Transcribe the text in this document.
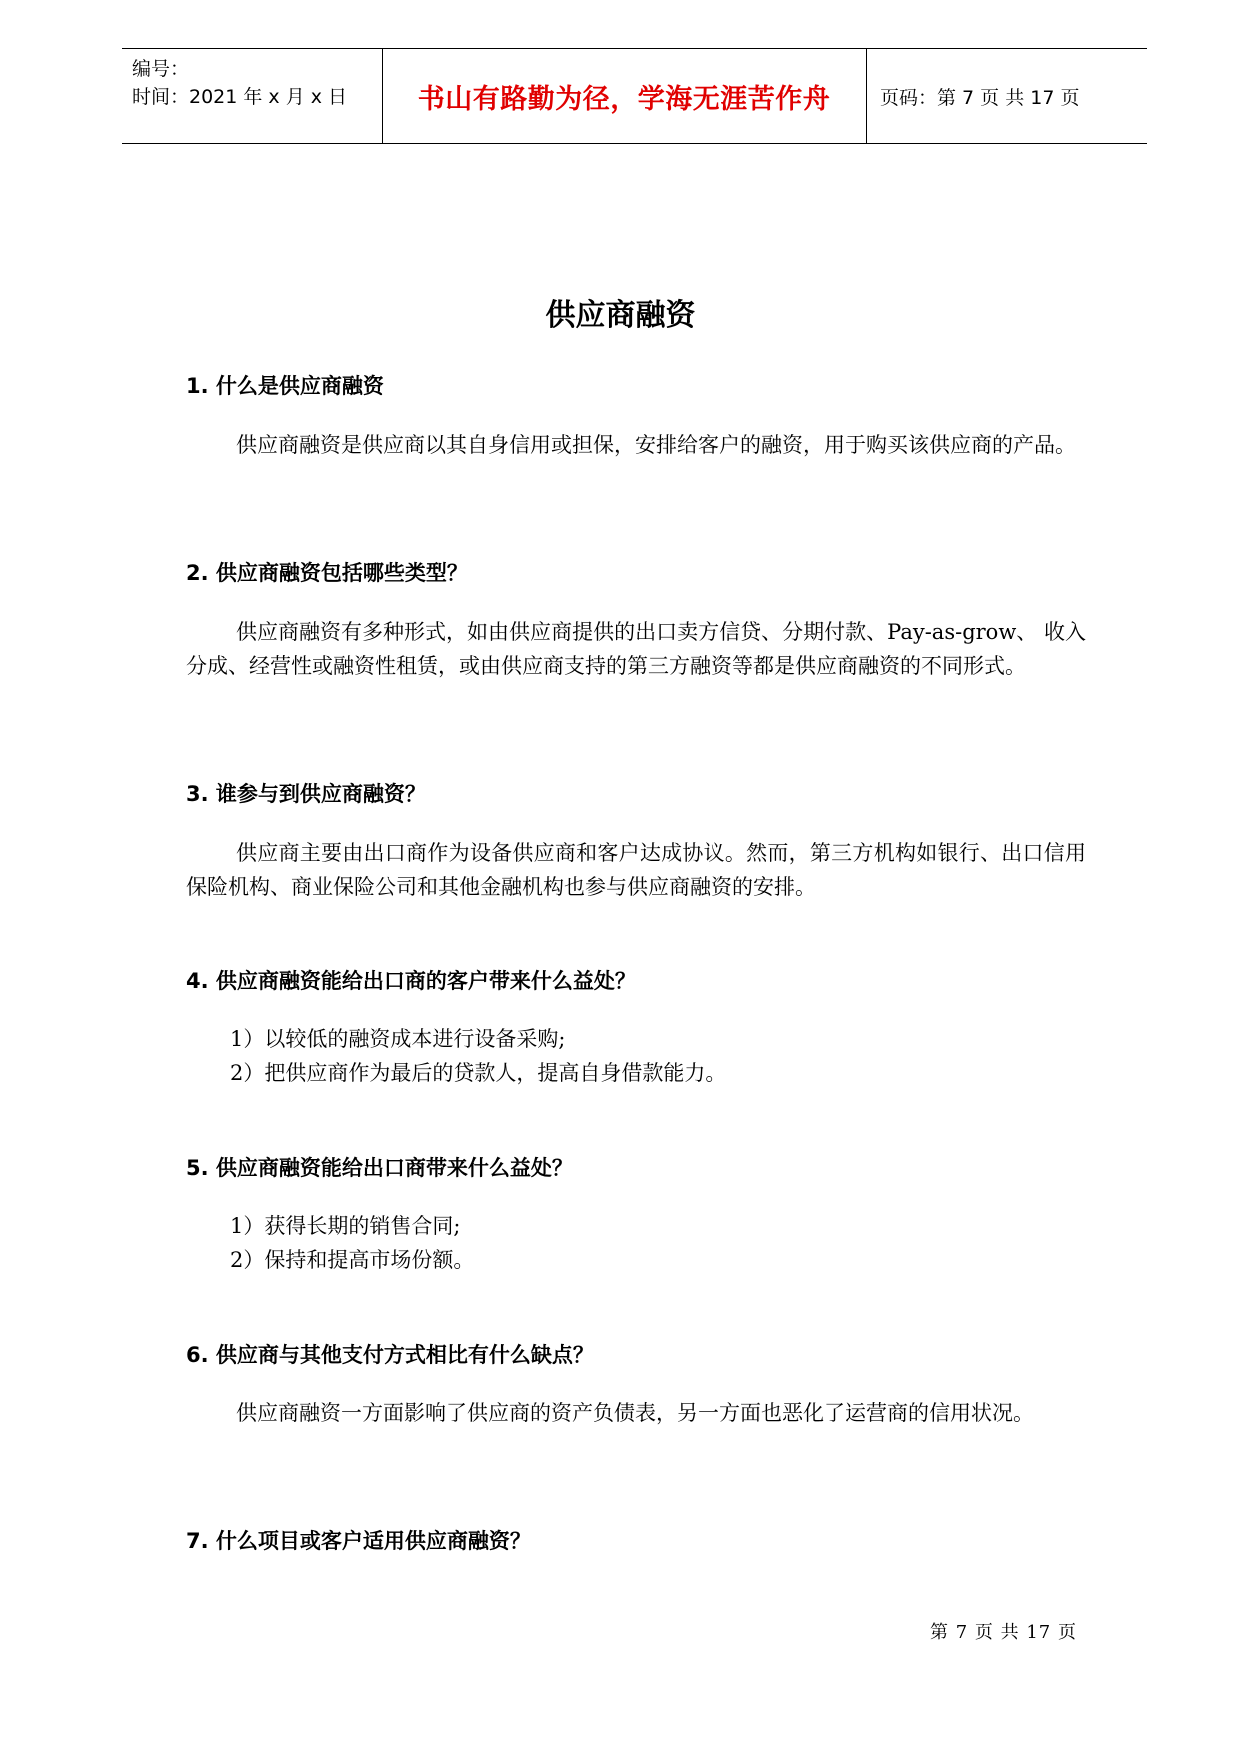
编号：
时间：2021 年 x 月 x 日	书山有路勤为径，学海无涯苦作舟	页码：第 7 页 共 17 页
供应商融资
1. 什么是供应商融资
供应商融资是供应商以其自身信用或担保，安排给客户的融资，用于购买该供应商的产品。
2. 供应商融资包括哪些类型？
供应商融资有多种形式，如由供应商提供的出口卖方信贷、分期付款、Pay-as-grow、 收入分成、经营性或融资性租赁，或由供应商支持的第三方融资等都是供应商融资的不同形式。
3. 谁参与到供应商融资？
供应商主要由出口商作为设备供应商和客户达成协议。然而，第三方机构如银行、出口信用保险机构、商业保险公司和其他金融机构也参与供应商融资的安排。
4. 供应商融资能给出口商的客户带来什么益处？
1）以较低的融资成本进行设备采购;
2）把供应商作为最后的贷款人，提高自身借款能力。
5. 供应商融资能给出口商带来什么益处？
1）获得长期的销售合同;
2）保持和提高市场份额。
6. 供应商与其他支付方式相比有什么缺点？
供应商融资一方面影响了供应商的资产负债表，另一方面也恶化了运营商的信用状况。
7. 什么项目或客户适用供应商融资？
第 7 页 共 17 页
